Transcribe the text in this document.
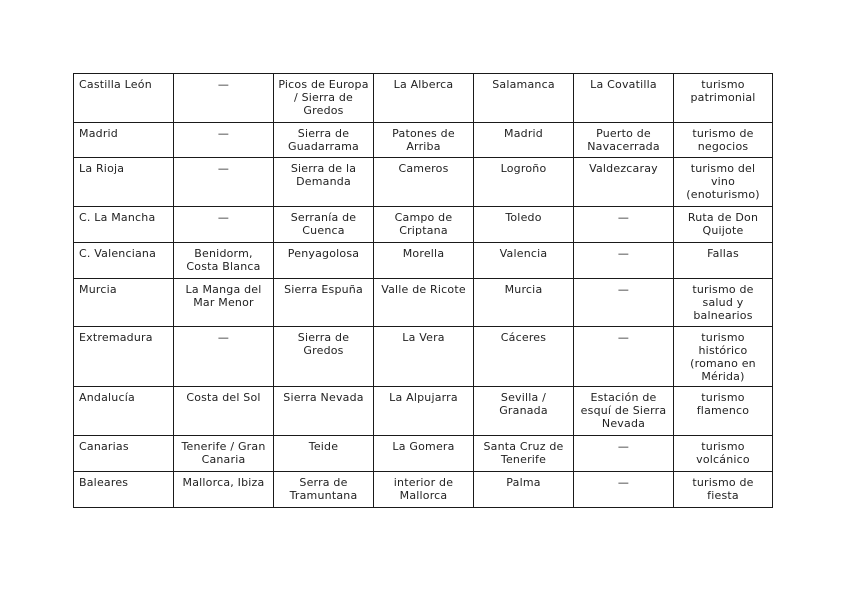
Castilla León	—	Picos de Europa / Sierra de Gredos	La Alberca	Salamanca	La Covatilla	turismo patrimonial
Madrid	—	Sierra de Guadarrama	Patones de Arriba	Madrid	Puerto de Navacerrada	turismo de negocios
La Rioja	—	Sierra de la Demanda	Cameros	Logroño	Valdezcaray	turismo del vino (enoturismo)
C. La Mancha	—	Serranía de Cuenca	Campo de Criptana	Toledo	—	Ruta de Don Quijote
C. Valenciana	Benidorm, Costa Blanca	Penyagolosa	Morella	Valencia	—	Fallas
Murcia	La Manga del Mar Menor	Sierra Espuña	Valle de Ricote	Murcia	—	turismo de salud y balnearios
Extremadura	—	Sierra de Gredos	La Vera	Cáceres	—	turismo histórico (romano en Mérida)
Andalucía	Costa del Sol	Sierra Nevada	La Alpujarra	Sevilla / Granada	Estación de esquí de Sierra Nevada	turismo flamenco
Canarias	Tenerife / Gran Canaria	Teide	La Gomera	Santa Cruz de Tenerife	—	turismo volcánico
Baleares	Mallorca, Ibiza	Serra de Tramuntana	interior de Mallorca	Palma	—	turismo de fiesta
